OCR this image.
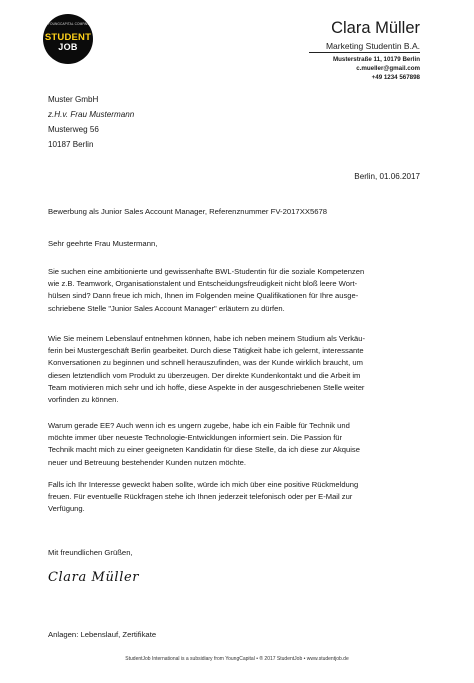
A YOUNGCAPITAL COMPANY
STUDENT
JOB
Clara Müller
Marketing Studentin B.A.
Musterstraße 11, 10179 Berlin
c.mueller@gmail.com
+49 1234 567898
Muster GmbH
z.H.v. Frau Mustermann
Musterweg 56
10187 Berlin
Berlin, 01.06.2017
Bewerbung als Junior Sales Account Manager, Referenznummer FV-2017XX5678
Sehr geehrte Frau Mustermann,
Sie suchen eine ambitionierte und gewissenhafte BWL-Studentin für die soziale Kompetenzen
wie z.B. Teamwork, Organisationstalent und Entscheidungsfreudigkeit nicht bloß leere Wort-
hülsen sind? Dann freue ich mich, Ihnen im Folgenden meine Qualifikationen für Ihre ausge-
schriebene Stelle "Junior Sales Account Manager" erläutern zu dürfen.
Wie Sie meinem Lebenslauf entnehmen können, habe ich neben meinem Studium als Verkäu-
ferin bei Mustergeschäft Berlin gearbeitet. Durch diese Tätigkeit habe ich gelernt, interessante
Konversationen zu beginnen und schnell herauszufinden, was der Kunde wirklich braucht, um
diesen letztendlich vom Produkt zu überzeugen. Der direkte Kundenkontakt und die Arbeit im
Team motivieren mich sehr und ich hoffe, diese Aspekte in der ausgeschriebenen Stelle weiter
vorfinden zu können.
Warum gerade EE? Auch wenn ich es ungern zugebe, habe ich ein Faible für Technik und
möchte immer über neueste Technologie-Entwicklungen informiert sein. Die Passion für
Technik macht mich zu einer geeigneten Kandidatin für diese Stelle, da ich diese zur Akquise
neuer und Betreuung bestehender Kunden nutzen möchte.
Falls ich Ihr Interesse geweckt haben sollte, würde ich mich über eine positive Rückmeldung
freuen. Für eventuelle Rückfragen stehe ich Ihnen jederzeit telefonisch oder per E-Mail zur
Verfügung.
Mit freundlichen Grüßen,
Clara Müller
Anlagen: Lebenslauf, Zertifikate
StudentJob International is a subsidiary from YoungCapital • ® 2017 StudentJob • www.studentjob.de
